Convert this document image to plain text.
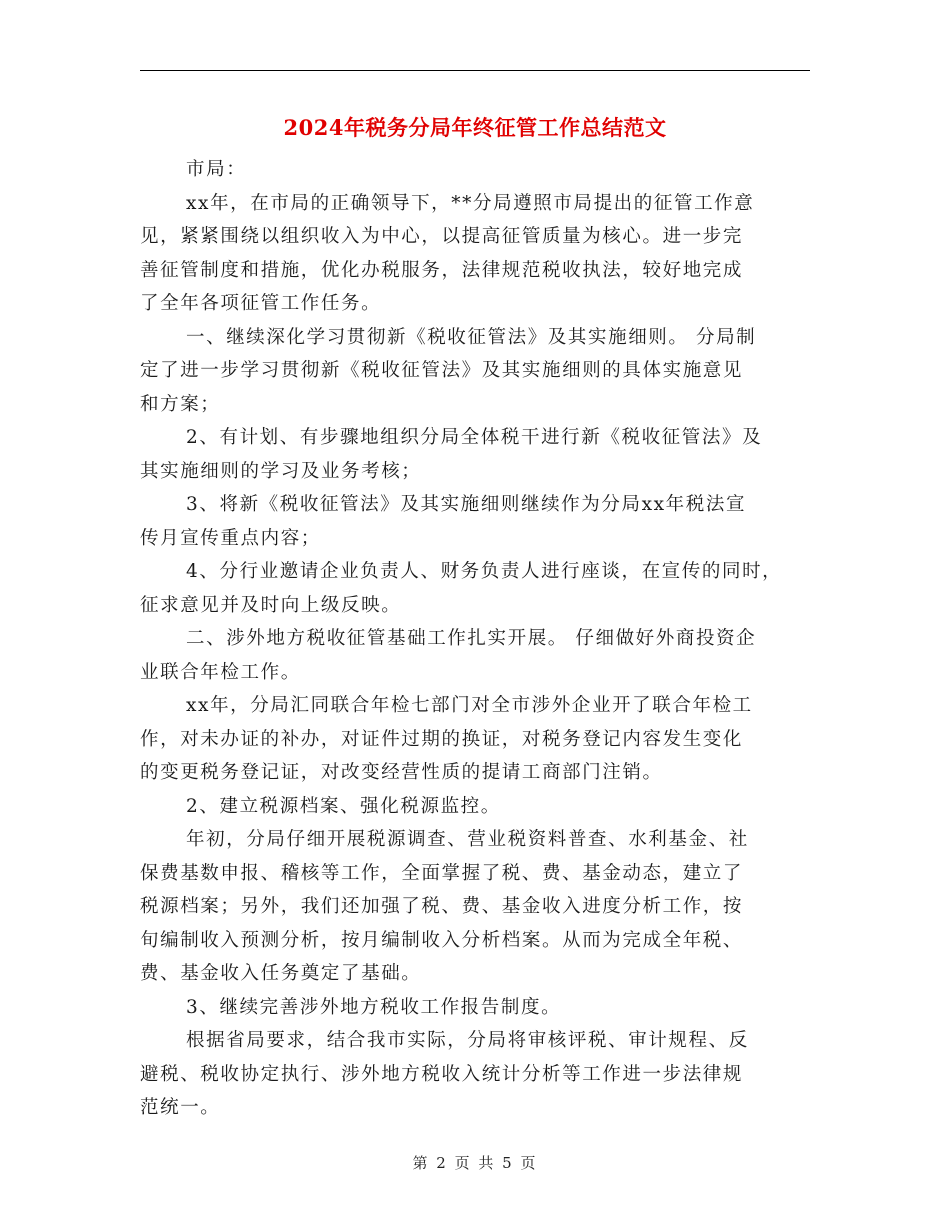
2024年税务分局年终征管工作总结范文
市局：
xx年，在市局的正确领导下，**分局遵照市局提出的征管工作意
见，紧紧围绕以组织收入为中心，以提高征管质量为核心。进一步完
善征管制度和措施，优化办税服务，法律规范税收执法，较好地完成
了全年各项征管工作任务。
一、继续深化学习贯彻新《税收征管法》及其实施细则。 分局制
定了进一步学习贯彻新《税收征管法》及其实施细则的具体实施意见
和方案；
2、有计划、有步骤地组织分局全体税干进行新《税收征管法》及
其实施细则的学习及业务考核；
3、将新《税收征管法》及其实施细则继续作为分局xx年税法宣
传月宣传重点内容；
4、分行业邀请企业负责人、财务负责人进行座谈，在宣传的同时，
征求意见并及时向上级反映。
二、涉外地方税收征管基础工作扎实开展。 仔细做好外商投资企
业联合年检工作。
xx年，分局汇同联合年检七部门对全市涉外企业开了联合年检工
作，对未办证的补办，对证件过期的换证，对税务登记内容发生变化
的变更税务登记证，对改变经营性质的提请工商部门注销。
2、建立税源档案、强化税源监控。
年初，分局仔细开展税源调查、营业税资料普查、水利基金、社
保费基数申报、稽核等工作，全面掌握了税、费、基金动态，建立了
税源档案；另外，我们还加强了税、费、基金收入进度分析工作，按
旬编制收入预测分析，按月编制收入分析档案。从而为完成全年税、
费、基金收入任务奠定了基础。
3、继续完善涉外地方税收工作报告制度。
根据省局要求，结合我市实际，分局将审核评税、审计规程、反
避税、税收协定执行、涉外地方税收入统计分析等工作进一步法律规
范统一。
第 2 页 共 5 页
